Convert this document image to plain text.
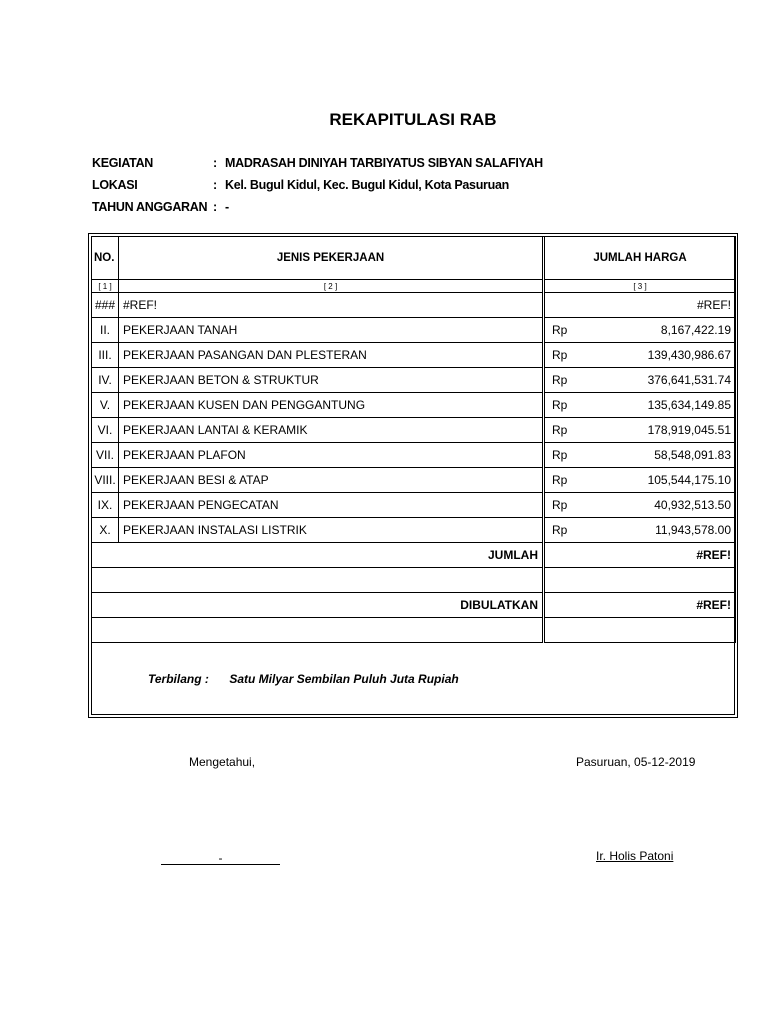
REKAPITULASI RAB
KEGIATAN	: MADRASAH DINIYAH TARBIYATUS SIBYAN SALAFIYAH
LOKASI	: Kel. Bugul Kidul, Kec. Bugul Kidul, Kota Pasuruan
TAHUN ANGGARAN : -
NO.	JENIS PEKERJAAN	JUMLAH HARGA
[ 1 ]	[ 2 ]	[ 3 ]
###	#REF!	#REF!
II.	PEKERJAAN TANAH	Rp 8,167,422.19
III.	PEKERJAAN PASANGAN DAN PLESTERAN	Rp 139,430,986.67
IV.	PEKERJAAN BETON & STRUKTUR	Rp 376,641,531.74
V.	PEKERJAAN KUSEN DAN PENGGANTUNG	Rp 135,634,149.85
VI.	PEKERJAAN LANTAI & KERAMIK	Rp 178,919,045.51
VII.	PEKERJAAN PLAFON	Rp 58,548,091.83
VIII.	PEKERJAAN BESI & ATAP	Rp 105,544,175.10
IX.	PEKERJAAN PENGECATAN	Rp 40,932,513.50
X.	PEKERJAAN INSTALASI LISTRIK	Rp 11,943,578.00
JUMLAH		#REF!

DIBULATKAN		#REF!

Terbilang : Satu Milyar Sembilan Puluh Juta Rupiah
Mengetahui,	Pasuruan, 05-12-2019
-	Ir. Holis Patoni
